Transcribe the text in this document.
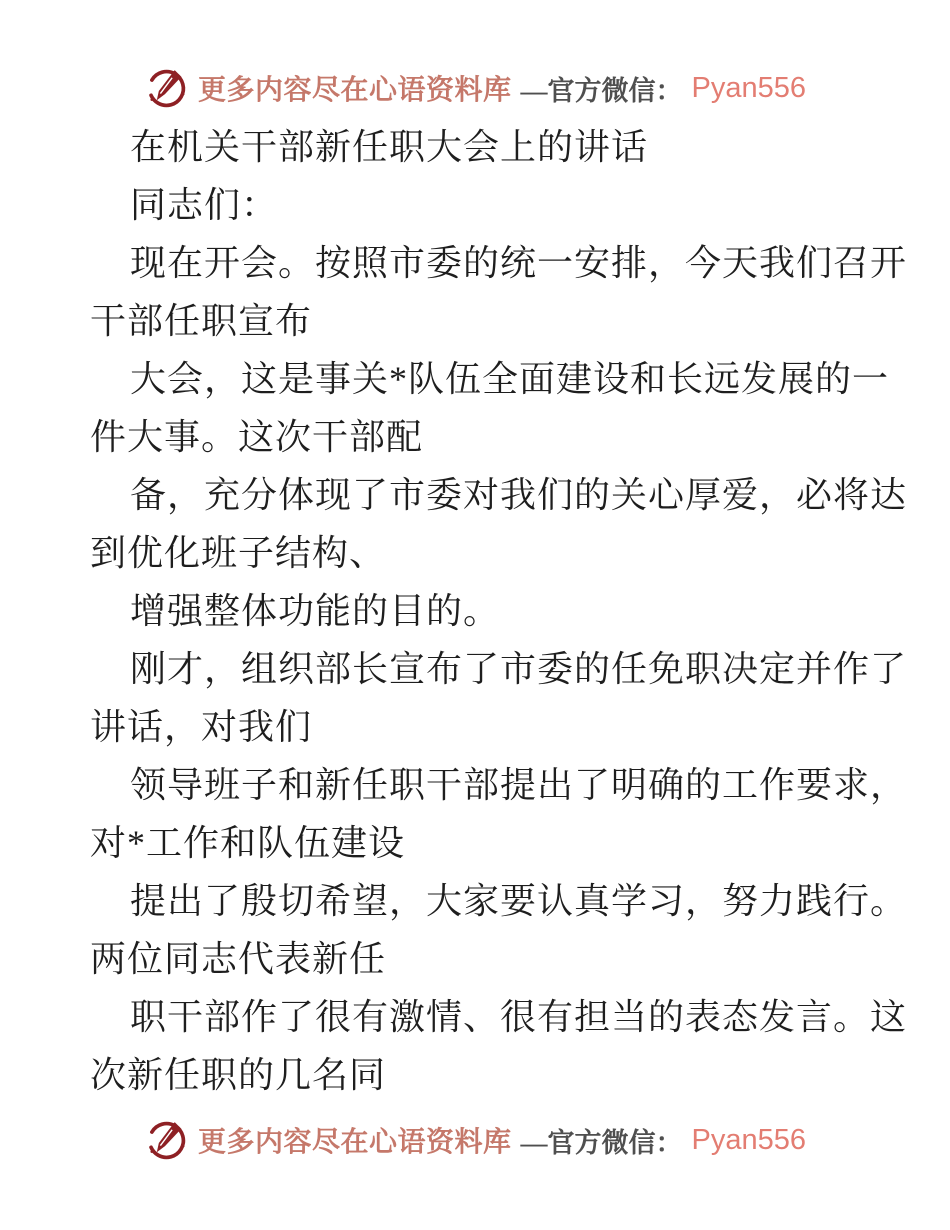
更多内容尽在心语资料库 —官方微信： Pyan556
在机关干部新任职大会上的讲话
同志们：
现在开会。按照市委的统一安排，今天我们召开
干部任职宣布
大会，这是事关*队伍全面建设和长远发展的一
件大事。这次干部配
备，充分体现了市委对我们的关心厚爱，必将达
到优化班子结构、
增强整体功能的目的。
刚才，组织部长宣布了市委的任免职决定并作了
讲话，对我们
领导班子和新任职干部提出了明确的工作要求，
对*工作和队伍建设
提出了殷切希望，大家要认真学习，努力践行。
两位同志代表新任
职干部作了很有激情、很有担当的表态发言。这
次新任职的几名同
更多内容尽在心语资料库 —官方微信： Pyan556
